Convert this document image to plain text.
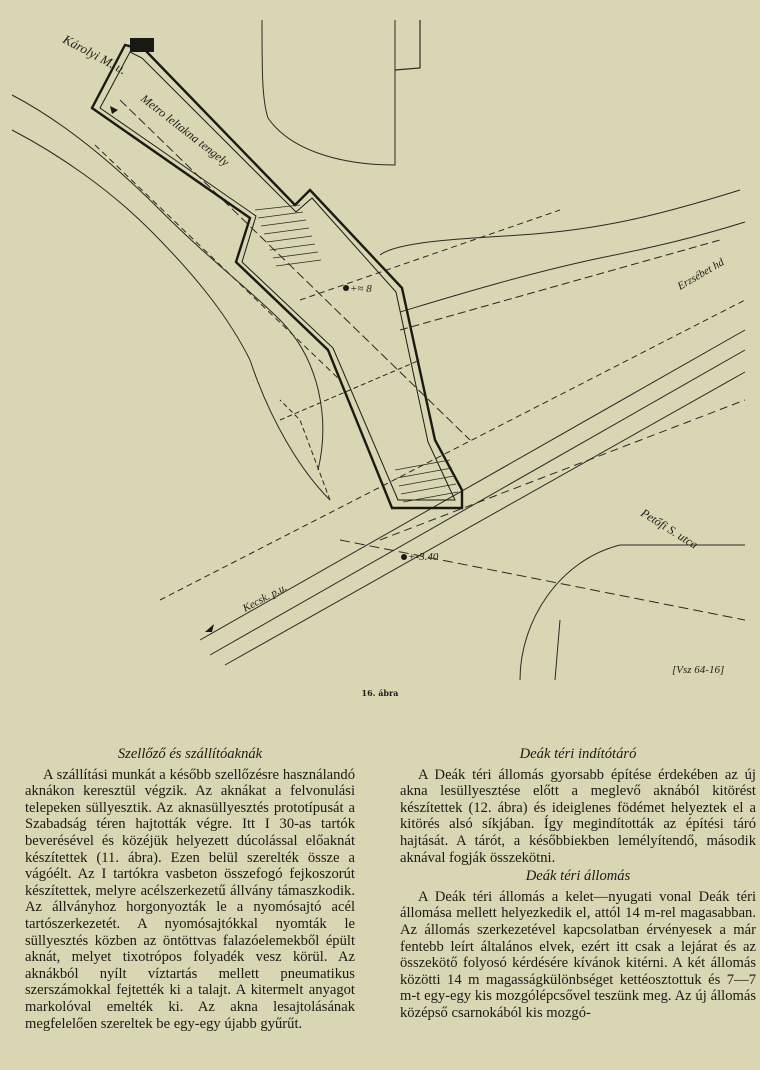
Károlyi M. u.
Metro leltakna tengely
+≈ 8	Erzsébet hd
+-3.40
Petőfi S. utca
Kecsk. p.u.
[Vsz 64-16]
16. ábra

Szellőző és szállítóaknák

A szállítási munkát a később szellőzésre használandó aknákon keresztül végzik. Az aknákat a felvonulási telepeken süllyesztik. Az aknasüllyesztés prototípusát a Szabadság téren hajtották végre. Itt I 30-as tartók beverésével és közéjük helyezett dúcolással előaknát készítettek (11. ábra). Ezen belül szerelték össze a vágóélt. Az I tartókra vasbeton összefogó fejkoszorút készítettek, melyre acélszerkezetű állvány támaszkodik. Az állványhoz horgonyozták le a nyomósajtó acél tartószerkezetét. A nyomósajtókkal nyomták le süllyesztés közben az öntöttvas falazóelemekből épült aknát, melyet tixotrópos folyadék vesz körül. Az aknákból nyílt víztartás mellett pneumatikus szerszámokkal fejtették ki a talajt. A kitermelt anyagot markolóval emelték ki. Az akna lesajtolásának megfelelően szereltek be egy-egy újabb gyűrűt.

Deák téri indítótáró

A Deák téri állomás gyorsabb építése érdekében az új akna lesüllyesztése előtt a meglevő aknából kitörést készítettek (12. ábra) és ideiglenes födémet helyeztek el a kitörés alsó síkjában. Így megindították az építési táró hajtását. A tárót, a későbbiekben lemélyítendő, második aknával fogják összekötni.

Deák téri állomás

A Deák téri állomás a kelet—nyugati vonal Deák téri állomása mellett helyezkedik el, attól 14 m-rel magasabban. Az állomás szerkezetével kapcsolatban érvényesek a már fentebb leírt általános elvek, ezért itt csak a lejárat és az összekötő folyosó kérdésére kívánok kitérni. A két állomás közötti 14 m magasságkülönbséget kettéosztottuk és 7—7 m-t egy-egy kis mozgólépcsővel teszünk meg. Az új állomás középső csarnokából kis mozgó-
